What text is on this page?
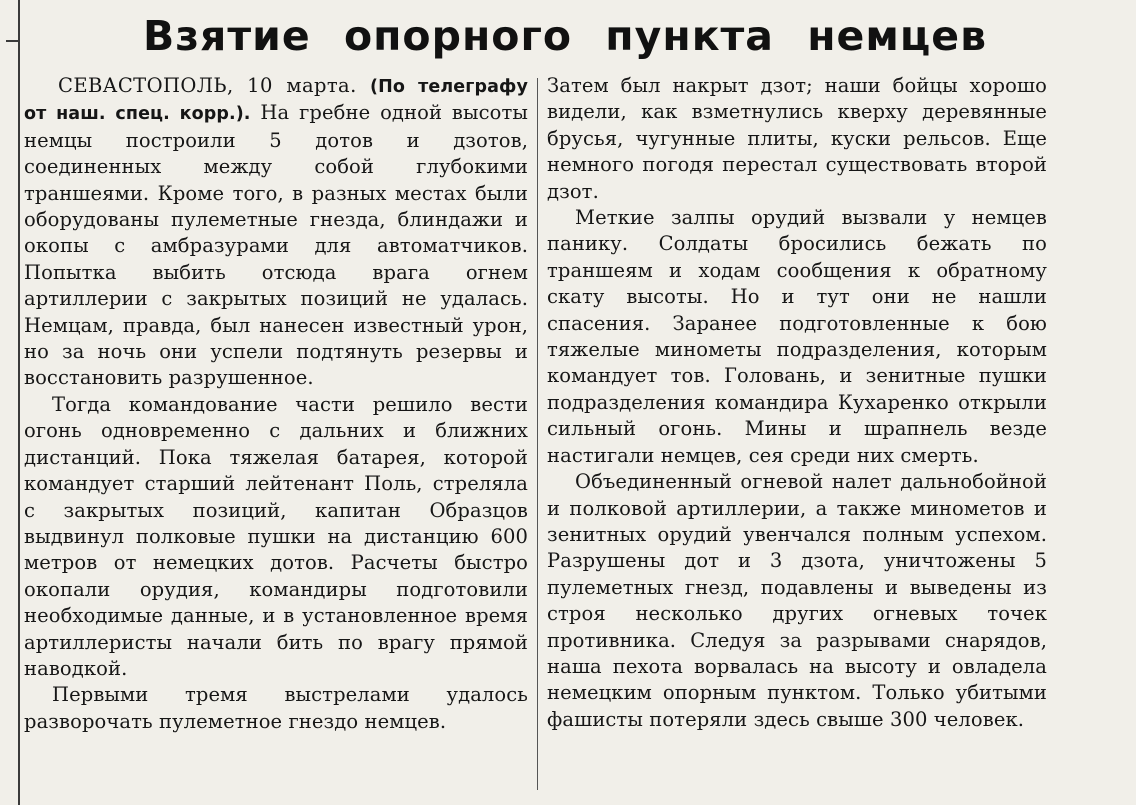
Взятие опорного пункта немцев

СЕВАСТОПОЛЬ, 10 марта. (По телеграфу от наш. спец. корр.). На гребне одной высоты немцы построили 5 дотов и дзотов, соединенных между собой глубокими траншеями. Кроме того, в разных местах были оборудованы пулеметные гнезда, блиндажи и окопы с амбразурами для автоматчиков. Попытка выбить отсюда врага огнем артиллерии с закрытых позиций не удалась. Немцам, правда, был нанесен известный урон, но за ночь они успели подтянуть резервы и восстановить разрушенное.

Тогда командование части решило вести огонь одновременно с дальних и ближних дистанций. Пока тяжелая батарея, которой командует старший лейтенант Поль, стреляла с закрытых позиций, капитан Образцов выдвинул полковые пушки на дистанцию 600 метров от немецких дотов. Расчеты быстро окопали орудия, командиры подготовили необходимые данные, и в установленное время артиллеристы начали бить по врагу прямой наводкой.

Первыми тремя выстрелами удалось разворочать пулеметное гнездо немцев.

Затем был накрыт дзот; наши бойцы хорошо видели, как взметнулись кверху деревянные брусья, чугунные плиты, куски рельсов. Еще немного погодя перестал существовать второй дзот.

Меткие залпы орудий вызвали у немцев панику. Солдаты бросились бежать по траншеям и ходам сообщения к обратному скату высоты. Но и тут они не нашли спасения. Заранее подготовленные к бою тяжелые минометы подразделения, которым командует тов. Головань, и зенитные пушки подразделения командира Кухаренко открыли сильный огонь. Мины и шрапнель везде настигали немцев, сея среди них смерть.

Объединенный огневой налет дальнобойной и полковой артиллерии, а также минометов и зенитных орудий увенчался полным успехом. Разрушены дот и 3 дзота, уничтожены 5 пулеметных гнезд, подавлены и выведены из строя несколько других огневых точек противника. Следуя за разрывами снарядов, наша пехота ворвалась на высоту и овладела немецким опорным пунктом. Только убитыми фашисты потеряли здесь свыше 300 человек.
